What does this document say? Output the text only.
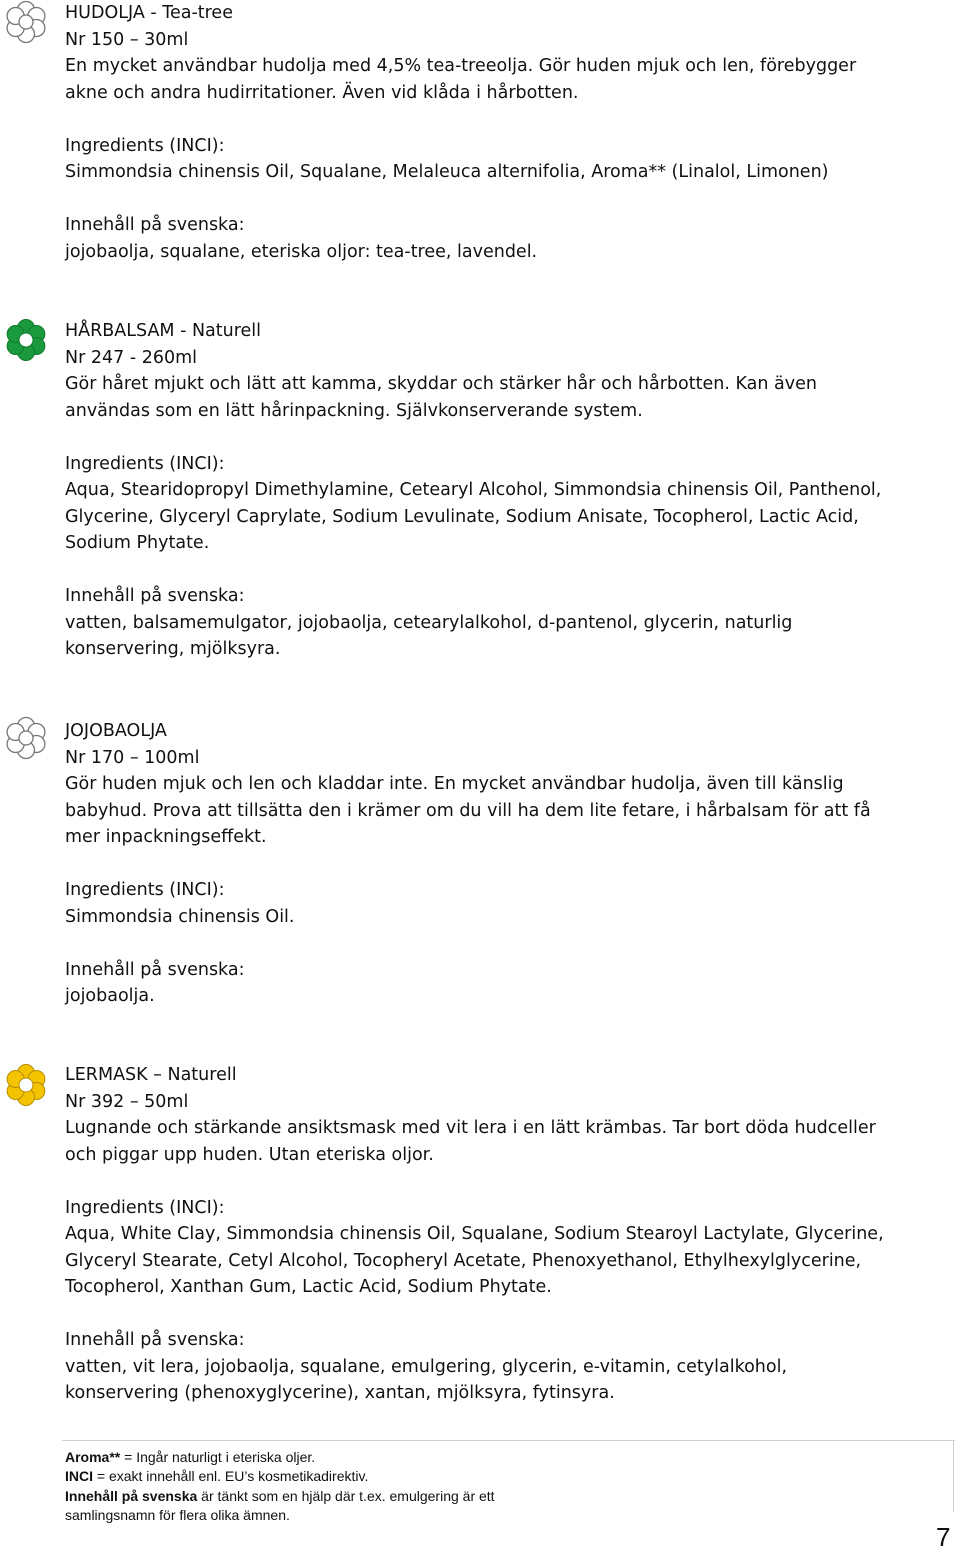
HUDOLJA - Tea-tree

Nr 150 – 30ml

En mycket användbar hudolja med 4,5% tea-treeolja. Gör huden mjuk och len, förebygger

akne och andra hudirritationer. Även vid klåda i hårbotten.

Ingredients (INCI):

Simmondsia chinensis Oil, Squalane, Melaleuca alternifolia, Aroma** (Linalol, Limonen)

Innehåll på svenska:

jojobaolja, squalane, eteriska oljor: tea-tree, lavendel.

HÅRBALSAM - Naturell

Nr 247 - 260ml

Gör håret mjukt och lätt att kamma, skyddar och stärker hår och hårbotten. Kan även

användas som en lätt hårinpackning. Självkonserverande system.

Ingredients (INCI):

Aqua, Stearidopropyl Dimethylamine, Cetearyl Alcohol, Simmondsia chinensis Oil, Panthenol,

Glycerine, Glyceryl Caprylate, Sodium Levulinate, Sodium Anisate, Tocopherol, Lactic Acid,

Sodium Phytate.

Innehåll på svenska:

vatten, balsamemulgator, jojobaolja, cetearylalkohol, d-pantenol, glycerin, naturlig

konservering, mjölksyra.

JOJOBAOLJA

Nr 170 – 100ml

Gör huden mjuk och len och kladdar inte. En mycket användbar hudolja, även till känslig

babyhud. Prova att tillsätta den i krämer om du vill ha dem lite fetare, i hårbalsam för att få

mer inpackningseffekt.

Ingredients (INCI):

Simmondsia chinensis Oil.

Innehåll på svenska:

jojobaolja.

LERMASK – Naturell

Nr 392 – 50ml

Lugnande och stärkande ansiktsmask med vit lera i en lätt krämbas. Tar bort döda hudceller

och piggar upp huden. Utan eteriska oljor.

Ingredients (INCI):

Aqua, White Clay, Simmondsia chinensis Oil, Squalane, Sodium Stearoyl Lactylate, Glycerine,

Glyceryl Stearate, Cetyl Alcohol, Tocopheryl Acetate, Phenoxyethanol, Ethylhexylglycerine,

Tocopherol, Xanthan Gum, Lactic Acid, Sodium Phytate.

Innehåll på svenska:

vatten, vit lera, jojobaolja, squalane, emulgering, glycerin, e-vitamin, cetylalkohol,

konservering (phenoxyglycerine), xantan, mjölksyra, fytinsyra.

Aroma** = Ingår naturligt i eteriska oljer.
INCI = exakt innehåll enl. EU’s kosmetikadirektiv.
Innehåll på svenska är tänkt som en hjälp där t.ex. emulgering är ett
samlingsnamn för flera olika ämnen.
7
